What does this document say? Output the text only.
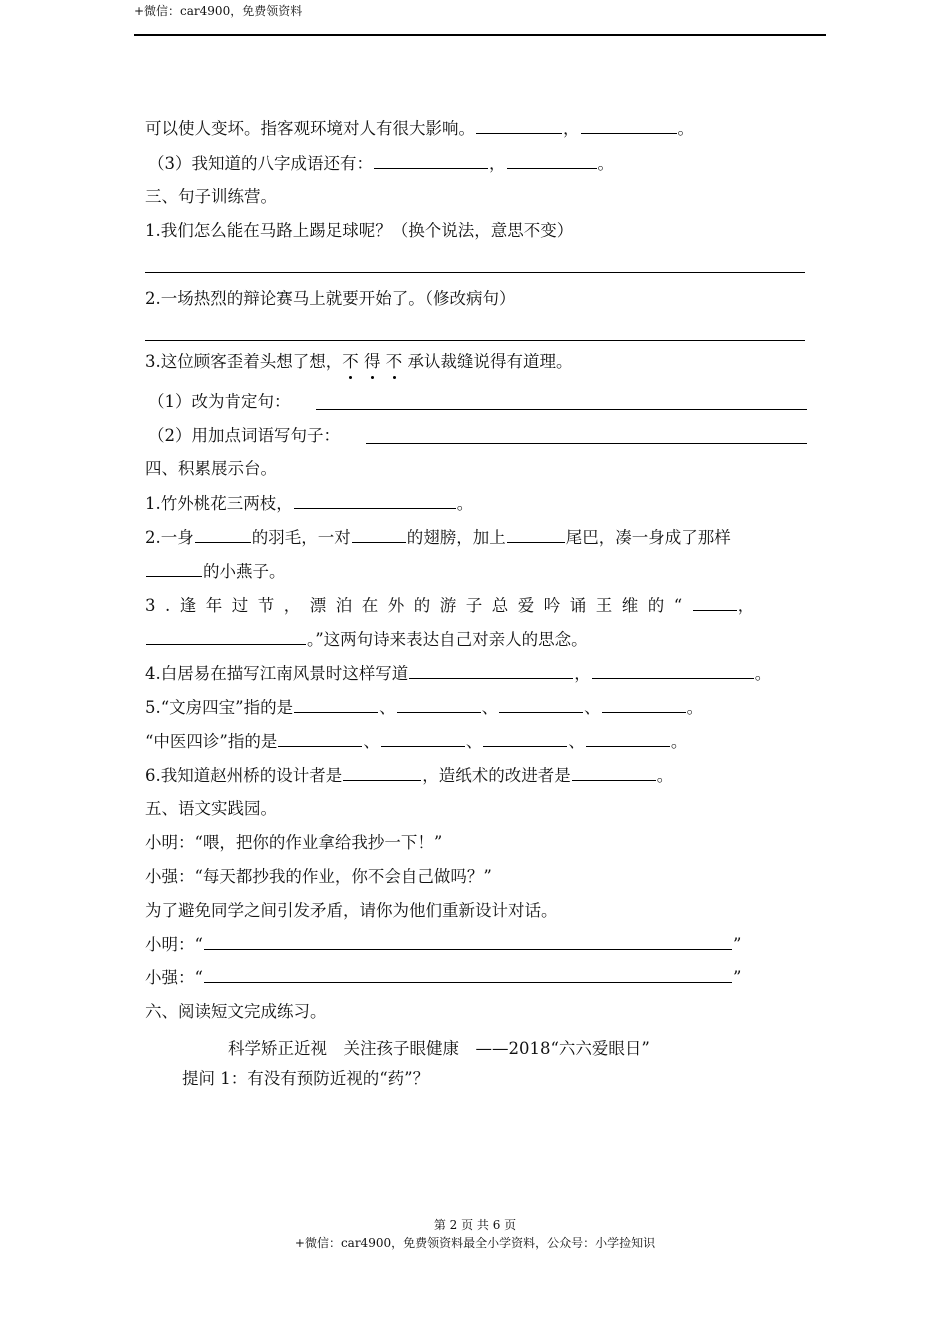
+微信：car4900，免费领资料
可以使人变坏。指客观环境对人有很大影响。	，	。
（3）我知道的八字成语还有：	，	。
三、句子训练营。
1.我们怎么能在马路上踢足球呢？（换个说法，意思不变）
2.一场热烈的辩论赛马上就要开始了。（修改病句）
3.这位顾客歪着头想了想，不 得 不 承认裁缝说得有道理。
（1）改为肯定句：
（2）用加点词语写句子：
四、积累展示台。
1.竹外桃花三两枝，	。
2.一身	的羽毛，一对	的翅膀，加上	尾巴，凑一身成了那样
的小燕子。
3.逢年过节，漂泊在外的游子总爱吟诵王维的“	，
。”这两句诗来表达自己对亲人的思念。
4.白居易在描写江南风景时这样写道	，	。
5.“文房四宝”指的是	、	、	、	。
“中医四诊”指的是	、	、	、	。
6.我知道赵州桥的设计者是	，造纸术的改进者是	。
五、语文实践园。
小明：“喂，把你的作业拿给我抄一下！”
小强：“每天都抄我的作业，你不会自己做吗？”
为了避免同学之间引发矛盾，请你为他们重新设计对话。
小明：“	”
小强：“	”
六、阅读短文完成练习。
科学矫正近视　关注孩子眼健康　——2018“六六爱眼日”
提问 1：有没有预防近视的“药”？
第 2 页 共 6 页
+微信：car4900，免费领资料最全小学资料，公众号：小学捡知识
